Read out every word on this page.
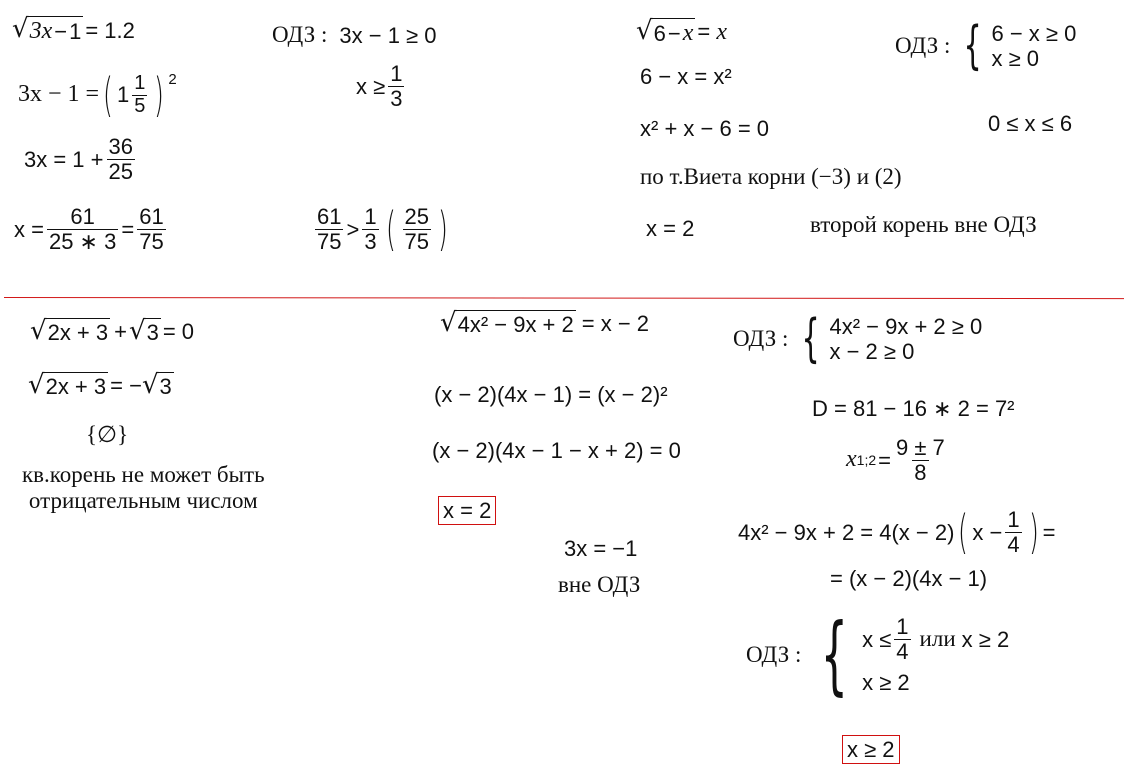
√ 3x − 1 = 1.2
3x − 1 = ( $1 \frac{1}{5}$ ) $^2$
$3x = 1 + \frac{36}{25}$
$x = \frac{61}{25 ∗ 3} = \frac{61}{75}$
ОДЗ : 3x − 1 ≥ 0
$x \ge \frac{1}{3}$
$\frac{61}{75} > \frac{1}{3}$ ( $\frac{25}{75}$ )
√ 6 − x = x
6 − x = x²
x² + x − 6 = 0
по т.Виета корни (−3) и (2)
x = 2	второй корень вне ОДЗ
ОДЗ : { 6 − x ≥ 0
x ≥ 0
0 ≤ x ≤ 6
√ 2x + 3 + √ 3 = 0
√ 2x + 3 = − √ 3
{∅}
кв.корень не может быть
отрицательным числом
√ 4x² − 9x + 2 = x − 2
(x − 2)(4x − 1) = (x − 2)²
(x − 2)(4x − 1 − x + 2) = 0
x = 2
3x = −1
вне ОДЗ
ОДЗ : { 4x² − 9x + 2 ≥ 0
x − 2 ≥ 0
D = 81 − 16 ∗ 2 = 7²
x 1;2 = $\frac{9 \pm 7}{8}$
4x² − 9x + 2 = 4(x − 2) ( $x - \frac{1}{4}$ ) =
= (x − 2)(4x − 1)
ОДЗ : { $x \le \frac{1}{4}$ или x ≥ 2
x ≥ 2
x ≥ 2
